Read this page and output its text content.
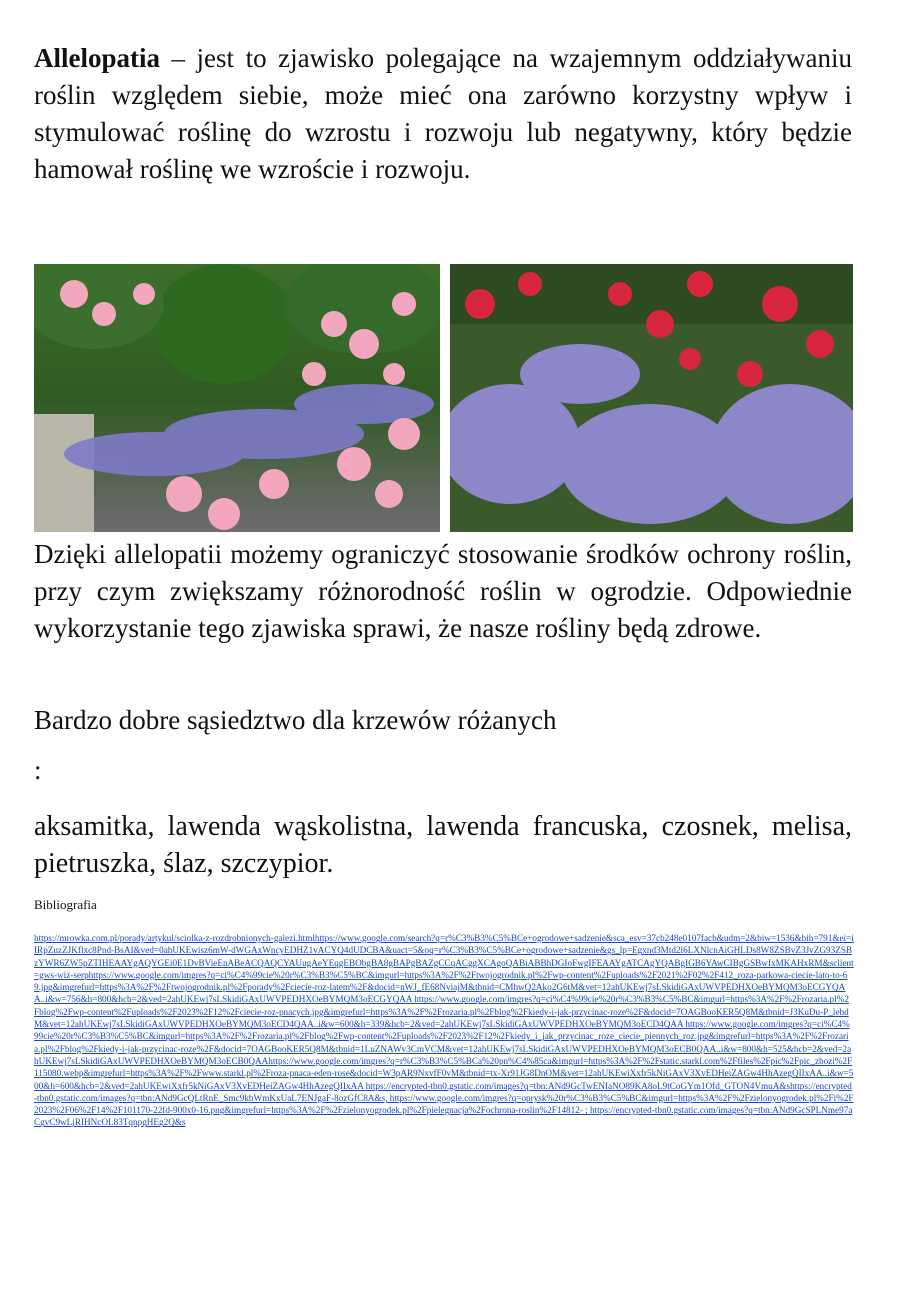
Allelopatia – jest to zjawisko polegające na wzajemnym oddziaływaniu roślin względem siebie, może mieć ona zarówno korzystny wpływ i stymulować roślinę do wzrostu i rozwoju lub negatywny, który będzie hamował roślinę we wzroście i rozwoju.
Dzięki allelopatii możemy ograniczyć stosowanie środków ochrony roślin, przy czym zwiększamy różnorodność roślin w ogrodzie. Odpowiednie wykorzystanie tego zjawiska sprawi, że nasze rośliny będą zdrowe.
Bardzo dobre sąsiedztwo dla krzewów różanych
:
aksamitka, lawenda wąskolistna, lawenda francuska, czosnek, melisa, pietruszka, ślaz, szczypior.
Bibliografia
https://mrowka.com.pl/porady/artykul/sciolka-z-rozdrobnionych-galezi.htmlhttps://www.google.com/search?q=r%C3%B3%C5%BCe+ogrodowe+sadzenie&sca_esv=37cb248e0107facb&udm=2&biw=1536&bih=791&ei=iIRpZuzZJKflxc8Pnd-BsAI&ved=0ahUKEwisz6mW-dWGAxWncyEDHZ1vACYQ4dUDCBA&uact=5&oq=r%C3%B3%C5%BCe+ogrodowe+sadzenie&gs_lp=Egxnd3Mtd2l6LXNlcnAiGHLDs8W8ZSBvZ3JvZG93ZSBzYWR6ZW5pZTIHEAAYgAQYGEi0E1DvBVieEnABeACQAQCYAUugAeYEqgEBObgBA8gBAPgBAZgCCqACggXCAgoQABiABBhDGIoFwgIFEAAYgATCAgYQABgIGB6YAwCIBgGSBwIxMKAHxRM&sclient=gws-wiz-serphttps://www.google.com/imgres?q=ci%C4%99cie%20r%C3%B3%C5%BC&imgurl=https%3A%2F%2Ftwojogrodnik.pl%2Fwp-content%2Fuploads%2F2021%2F02%2F412_roza-parkowa-ciecie-lato-to-69.jpg&imgrefurl=https%3A%2F%2Ftwojogrodnik.pl%2Fporady%2Fciecie-roz-latem%2F&docid=nWJ_fE68NviajM&tbnid=CMhwQ2Ako2G6tM&vet=12ahUKEwj7sLSkidiGAxUWVPEDHXOeBYMQM3oECGYQAA..i&w=756&h=800&hcb=2&ved=2ahUKEwj7sLSkidiGAxUWVPEDHXOeBYMQM3oECGYQAA https://www.google.com/imgres?q=ci%C4%99cie%20r%C3%B3%C5%BC&imgurl=https%3A%2F%2Frozaria.pl%2Fblog%2Fwp-content%2Fuploads%2F2023%2F12%2Fciecie-roz-pnacych.jpg&imgrefurl=https%3A%2F%2Frozaria.pl%2Fblog%2Fkiedy-i-jak-przycinac-roze%2F&docid=7OAGBooKER5Q8M&tbnid=J3KuDu-P_lebdM&vet=12ahUKEwj7sLSkidiGAxUWVPEDHXOeBYMQM3oECD4QAA..i&w=600&h=339&hcb=2&ved=2ahUKEwj7sLSkidiGAxUWVPEDHXOeBYMQM3oECD4QAA https://www.google.com/imgres?q=ci%C4%99cie%20r%C3%B3%C5%BC&imgurl=https%3A%2F%2Frozaria.pl%2Fblog%2Fwp-content%2Fuploads%2F2023%2F12%2Fkiedy_i_jak_przycinac_roze_ciecie_piennych_roz.jpg&imgrefurl=https%3A%2F%2Frozaria.pl%2Fblog%2Fkiedy-i-jak-przycinac-roze%2F&docid=7OAGBooKER5Q8M&tbnid=1LuZNAWv3CmVCM&vet=12ahUKEwj7sLSkidiGAxUWVPEDHXOeBYMQM3oECB0QAA..i&w=800&h=525&hcb=2&ved=2ahUKEwj7sLSkidiGAxUWVPEDHXOeBYMQM3oECB0QAAhttps://www.google.com/imgres?q=r%C3%B3%C5%BCa%20pn%C4%85ca&imgurl=https%3A%2F%2Fstatic.starkl.com%2Ffiles%2Fpic%2Fpic_zbozi%2F115080.webp&imgrefurl=https%3A%2F%2Fwww.starkl.pl%2Froza-pnaca-eden-rose&docid=W3pAR9NxvfF0vM&tbnid=tx-Xr91JG8DnOM&vet=12ahUKEwiXxfr5kNiGAxV3XvEDHeiZAGw4HhAzegQIIxAA..i&w=500&h=600&hcb=2&ved=2ahUKEwiXxfr5kNiGAxV3XvEDHeiZAGw4HhAzegQIIxAA https://encrypted-tbn0.gstatic.com/images?q=tbn:ANd9GcTwENIaNO89KA8oL9tCoGYm1Ofd_GTON4VmuA&shttps://encrypted-tbn0.gstatic.com/images?q=tbn:ANd9GcQLtRnE_Smc9kbWmKxUaL7ENJgaF-8ozGfC8A&s, https://www.google.com/imgres?q=oprysk%20r%C3%B3%C5%BC&imgurl=https%3A%2F%2Fzielonyogrodek.pl%2Fi%2F2023%2F06%2F14%2F101170-22fd-900x0-16.png&imgrefurl=https%3A%2F%2Fzielonyogrodek.pl%2Fpielegnacja%2Fochrona-roslin%2F14812- ; https://encrypted-tbn0.gstatic.com/images?q=tbn:ANd9GcSPLNme97aCgvC9wLjRIHNcOL83TqnpgHEg2Q&s
